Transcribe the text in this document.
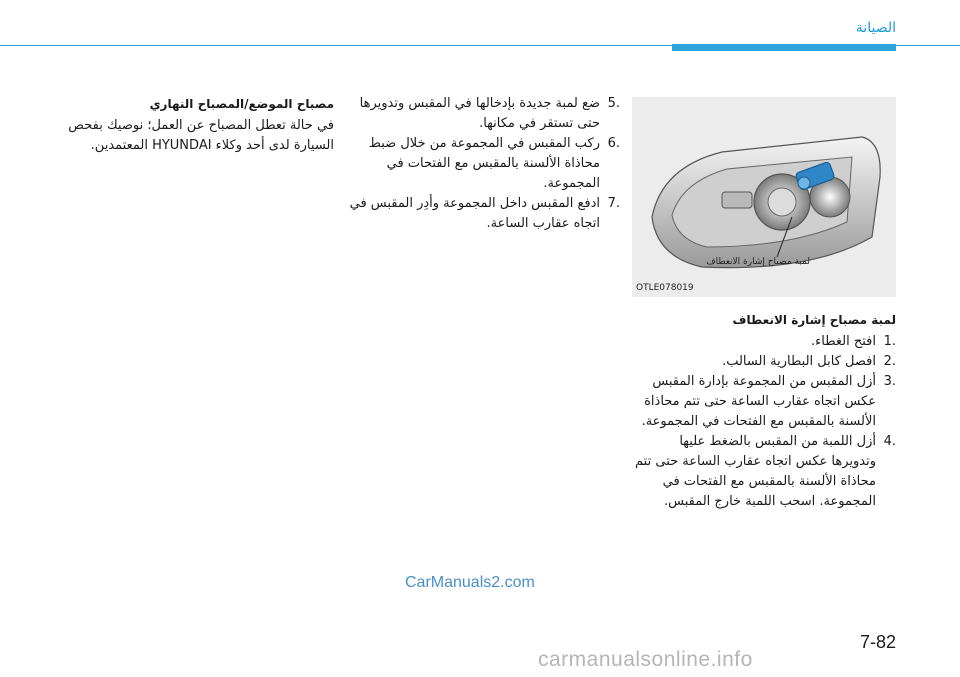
الصيانة
OTLE078019
لمبة مصباح إشارة الانعطاف
لمبة مصباح إشارة الانعطاف
.1
افتح الغطاء.
.2
افصل كابل البطارية السالب.
.3
أزل المقبس من المجموعة بإدارة المقبس عكس اتجاه عقارب الساعة حتى تتم محاذاة الألسنة بالمقبس مع الفتحات في المجموعة.
.4
أزل اللمبة من المقبس بالضغط عليها وتدويرها عكس اتجاه عقارب الساعة حتى تتم محاذاة الألسنة بالمقبس مع الفتحات في المجموعة. اسحب اللمبة خارج المقبس.
.5
ضع لمبة جديدة بإدخالها في المقبس وتدويرها حتى تستقر في مكانها.
.6
ركب المقبس في المجموعة من خلال ضبط محاذاة الألسنة بالمقبس مع الفتحات في المجموعة.
.7
ادفع المقبس داخل المجموعة وأدِر المقبس في اتجاه عقارب الساعة.
مصباح الموضع/المصباح النهاري
في حالة تعطل المصباح عن العمل؛ نوصيك بفحص السيارة لدى أحد وكلاء HYUNDAI المعتمدين.
CarManuals2.com
7-82
carmanualsonline.info
